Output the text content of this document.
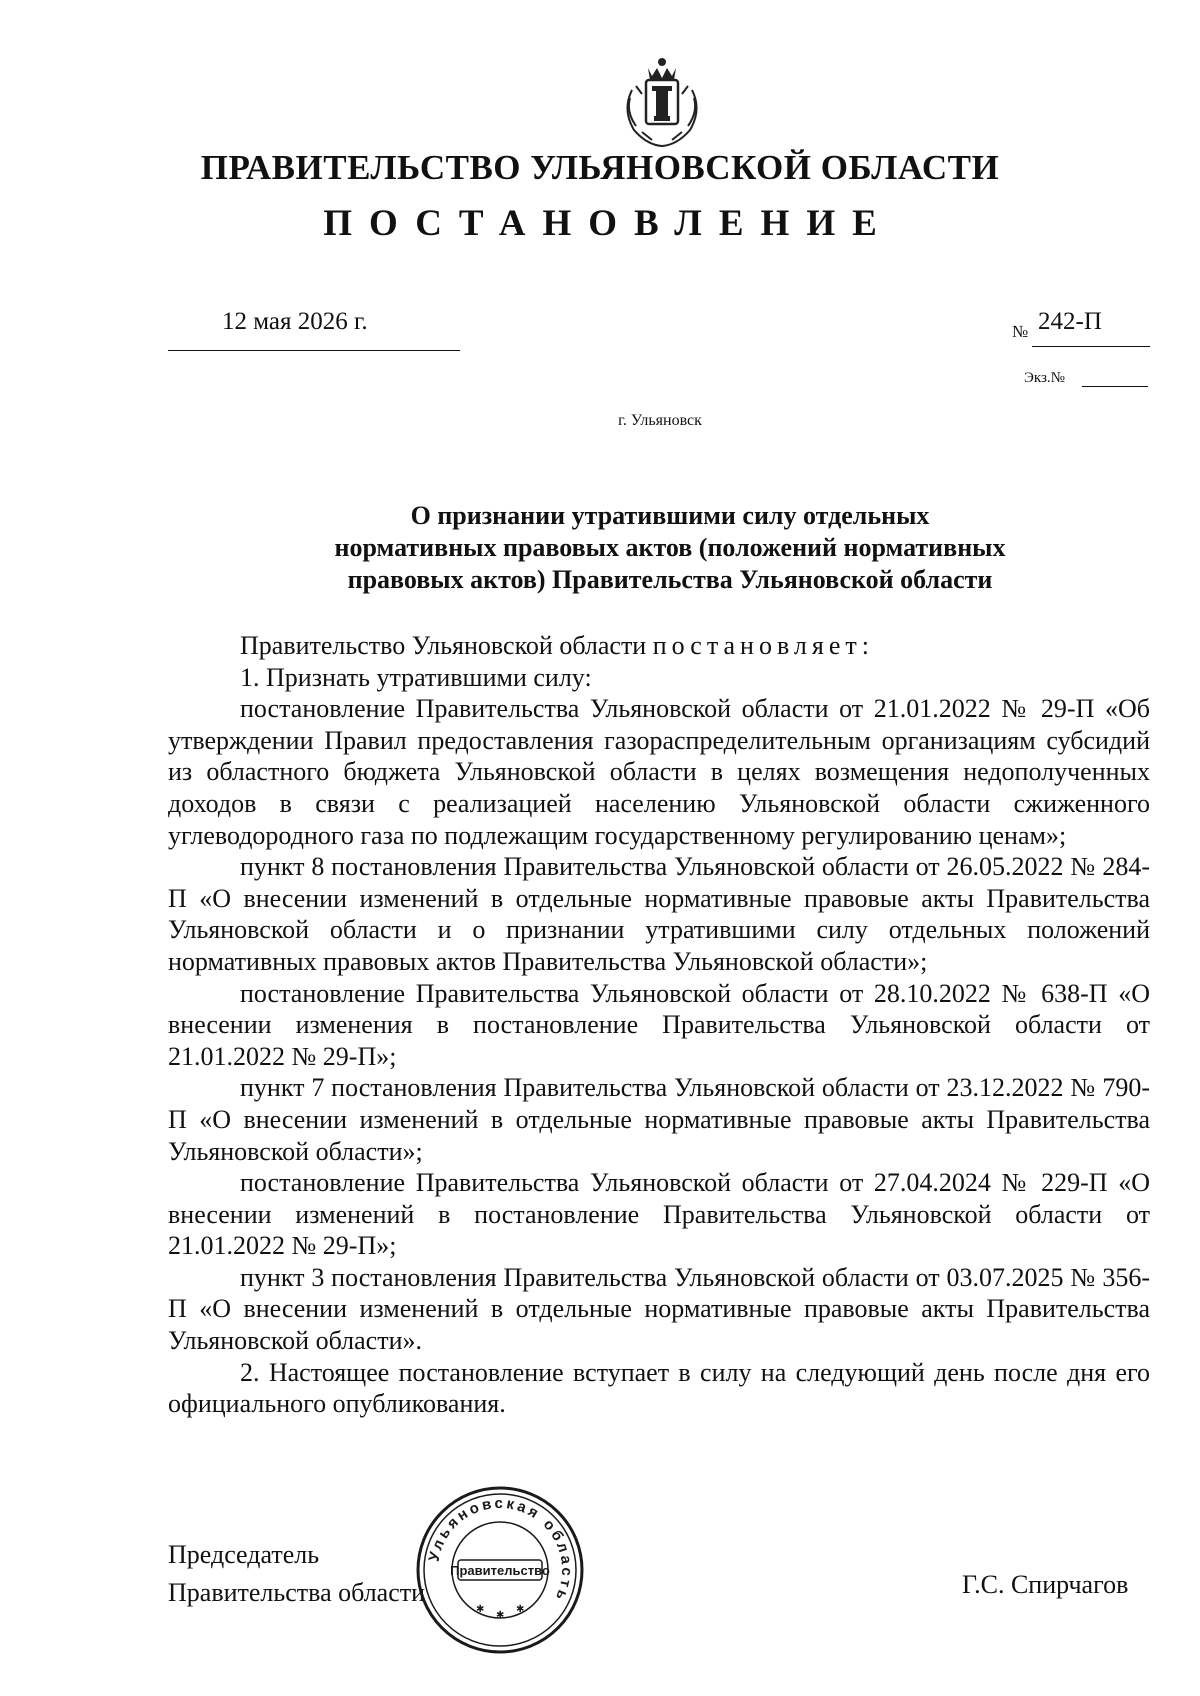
ПРАВИТЕЛЬСТВО УЛЬЯНОВСКОЙ ОБЛАСТИ
ПОСТАНОВЛЕНИЕ
12 мая 2026 г.	№ 242-П
Экз.№
г. Ульяновск
О признании утратившими силу отдельных
нормативных правовых актов (положений нормативных
правовых актов) Правительства Ульяновской области

Правительство Ульяновской области постановляет:

1. Признать утратившими силу:

постановление Правительства Ульяновской области от 21.01.2022 № 29-П «Об утверждении Правил предоставления газораспределительным организациям субсидий из областного бюджета Ульяновской области в целях возмещения недополученных доходов в связи с реализацией населению Ульяновской области сжиженного углеводородного газа по подлежащим государственному регулированию ценам»;

пункт 8 постановления Правительства Ульяновской области от 26.05.2022 № 284-П «О внесении изменений в отдельные нормативные правовые акты Правительства Ульяновской области и о признании утратившими силу отдельных положений нормативных правовых актов Правительства Ульяновской области»;

постановление Правительства Ульяновской области от 28.10.2022 № 638-П «О внесении изменения в постановление Правительства Ульяновской области от 21.01.2022 № 29-П»;

пункт 7 постановления Правительства Ульяновской области от 23.12.2022 № 790-П «О внесении изменений в отдельные нормативные правовые акты Правительства Ульяновской области»;

постановление Правительства Ульяновской области от 27.04.2024 № 229-П «О внесении изменений в постановление Правительства Ульяновской области от 21.01.2022 № 29-П»;

пункт 3 постановления Правительства Ульяновской области от 03.07.2025 № 356-П «О внесении изменений в отдельные нормативные правовые акты Правительства Ульяновской области».

2. Настоящее постановление вступает в силу на следующий день после дня его официального опубликования.

Председатель
Правительства области	Г.С. Спирчагов
Ульяновская область
Правительство
✱
✱
✱
